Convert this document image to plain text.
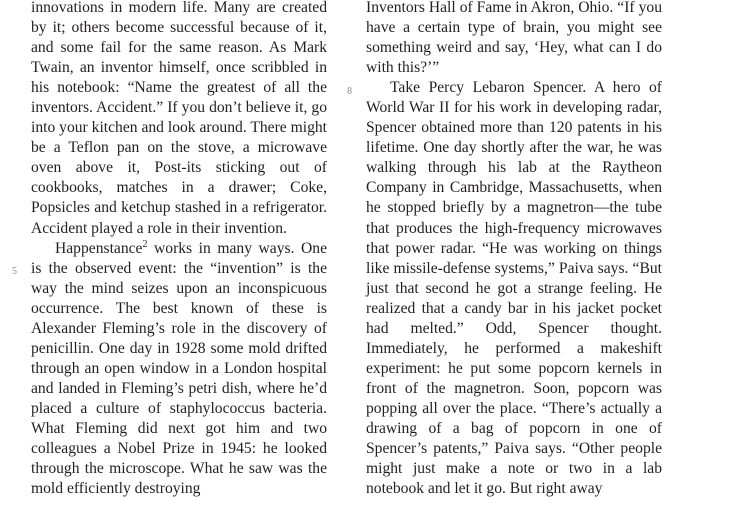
innovations in modern life. Many are created by it; others become successful because of it, and some fail for the same reason. As Mark Twain, an inventor himself, once scribbled in his notebook: “Name the greatest of all the inventors. Accident.” If you don’t believe it, go into your kitchen and look around. There might be a Teflon pan on the stove, a microwave oven above it, Post-its sticking out of cookbooks, matches in a drawer; Coke, Popsicles and ketchup stashed in a refrigerator. Accident played a role in their invention.

Happenstance$^2$ works in many ways. One is the observed event: the “invention” is the way the mind seizes upon an inconspicuous occurrence. The best known of these is Alexander Fleming’s role in the discovery of penicillin. One day in 1928 some mold drifted through an open window in a London hospital and landed in Fleming’s petri dish, where he’d placed a culture of staphylococcus bacteria. What Fleming did next got him and two colleagues a Nobel Prize in 1945: he looked through the microscope. What he saw was the mold efficiently destroying

Inventors Hall of Fame in Akron, Ohio. “If you have a certain type of brain, you might see something weird and say, ‘Hey, what can I do with this?’”

Take Percy Lebaron Spencer. A hero of World War II for his work in developing radar, Spencer obtained more than 120 patents in his lifetime. One day shortly after the war, he was walking through his lab at the Raytheon Company in Cambridge, Massachusetts, when he stopped briefly by a magnetron—the tube that produces the high-frequency microwaves that power radar. “He was working on things like missile-defense systems,” Paiva says. “But just that second he got a strange feeling. He realized that a candy bar in his jacket pocket had melted.” Odd, Spencer thought. Immediately, he performed a makeshift experiment: he put some popcorn kernels in front of the magnetron. Soon, popcorn was popping all over the place. “There’s actually a drawing of a bag of popcorn in one of Spencer’s patents,” Paiva says. “Other people might just make a note or two in a lab notebook and let it go. But right away

5
8
